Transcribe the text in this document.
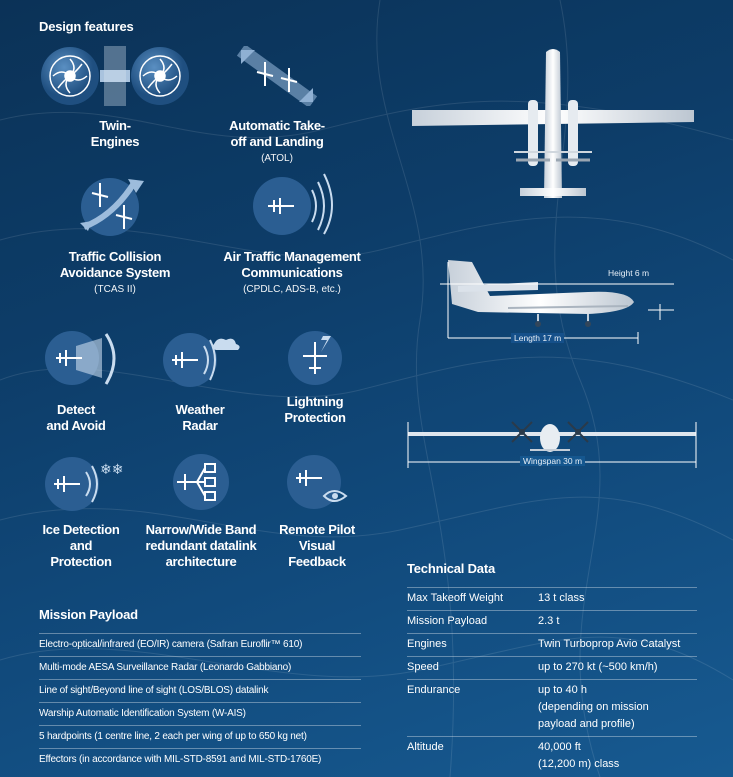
Design features
Twin-
Engines
Automatic Take-
off and Landing
(ATOL)
Traffic Collision
Avoidance System
(TCAS II)
Air Traffic Management
Communications
(CPDLC, ADS-B, etc.)
Detect
and Avoid
Weather
Radar
Lightning
Protection
❄❄
Ice Detection
and
Protection
Narrow/Wide Band
redundant datalink
architecture
Remote Pilot
Visual
Feedback
Height 6 m
Length 17 m
Wingspan 30 m
Mission Payload
Electro-optical/infrared (EO/IR) camera (Safran Euroflir™ 610)
Multi-mode AESA Surveillance Radar (Leonardo Gabbiano)
Line of sight/Beyond line of sight (LOS/BLOS) datalink
Warship Automatic Identification System (W-AIS)
5 hardpoints (1 centre line, 2 each per wing of up to 650 kg net)
Effectors (in accordance with MIL-STD-8591 and MIL-STD-1760E)
Technical Data
Max Takeoff Weight	13 t class
Mission Payload	2.3 t
Engines	Twin Turboprop Avio Catalyst
Speed	up to 270 kt (~500 km/h)
Endurance	up to 40 h
(depending on mission
payload and profile)
Altitude	40,000 ft
(12,200 m) class
